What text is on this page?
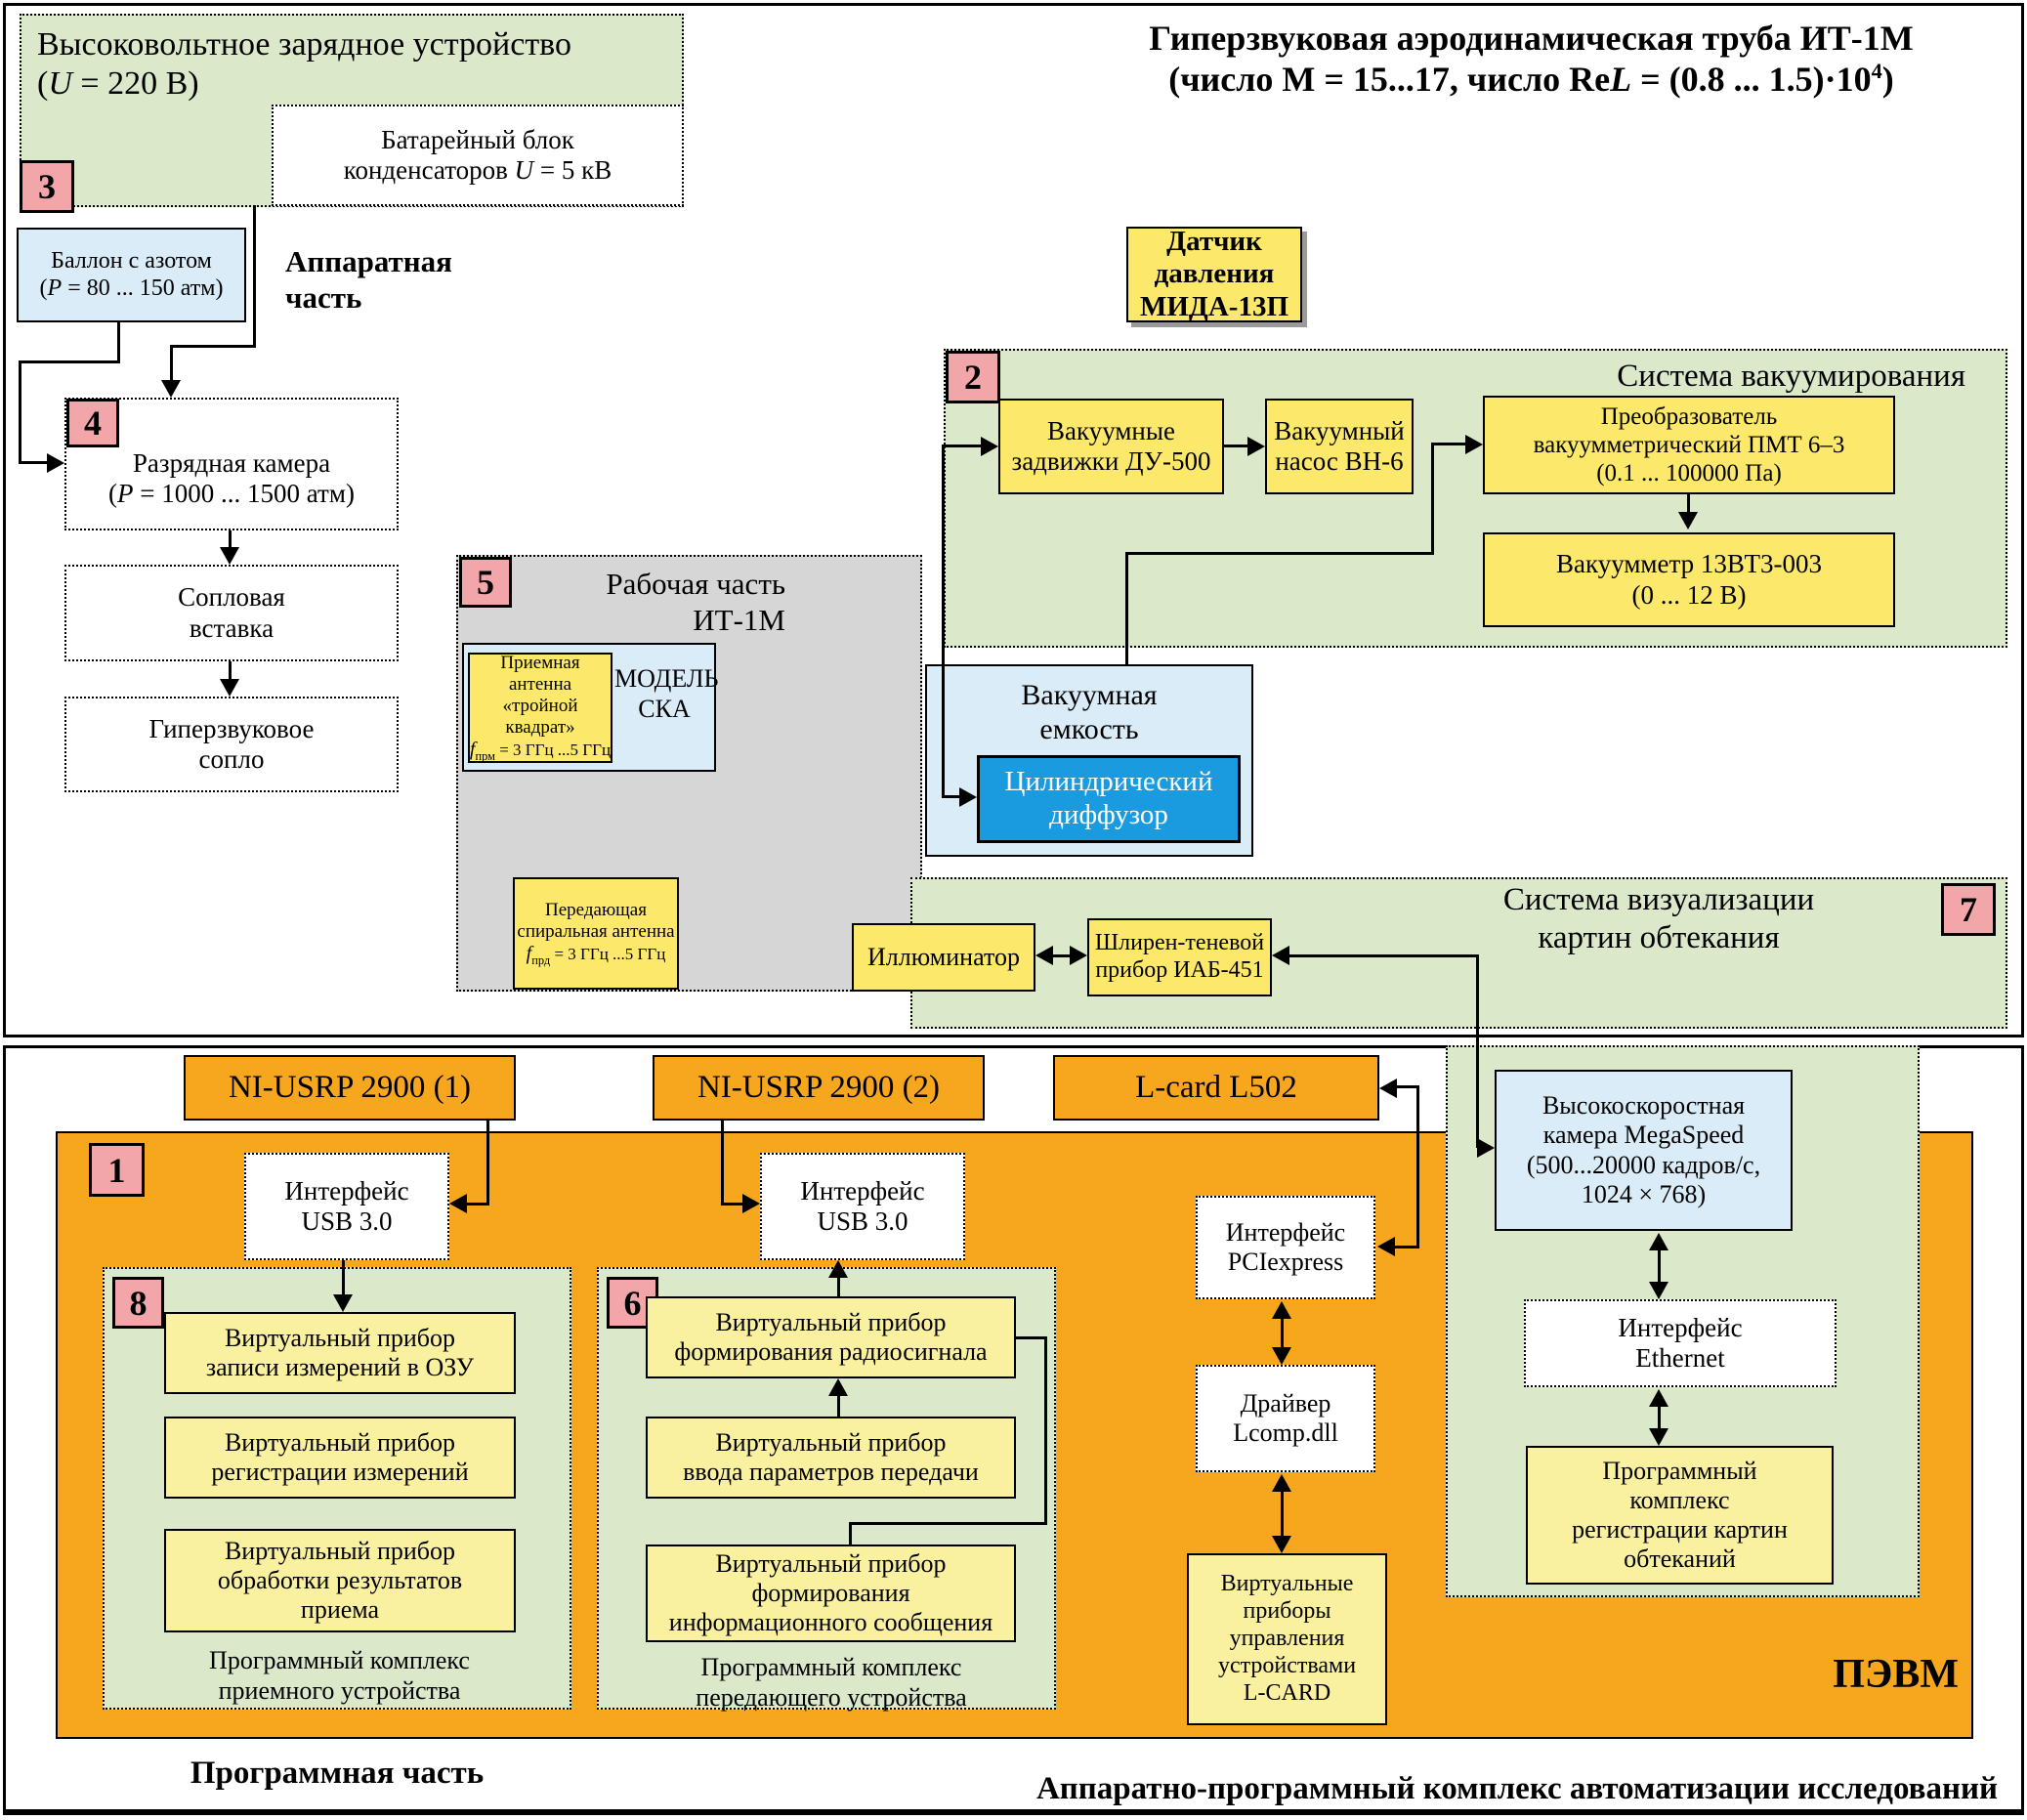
Высоковольтное зарядное устройство
(U = 220 В)
Батарейный блок
конденсаторов U = 5 кВ
3
Баллон с азотом
(P = 80 ... 150 атм)
Аппаратная часть
Разрядная камера
(P = 1000 ... 1500 атм)
4
Сопловая
вставка
Гиперзвуковое
сопло
Гиперзвуковая аэродинамическая труба ИТ-1М
(число М = 15...17, число ReL = (0.8 ... $1.5)\cdot 10^4$)
Датчик давления
МИДА-13П
2	Система вакуумирования
Вакуумные
задвижки ДУ-500
Вакуумный
насос ВН-6
Преобразователь
вакуумметрический ПМТ 6–3
(0.1 ... 100000 Па)
Вакуумметр 13ВТ3-003
(0 ... 12 В)
5	Рабочая часть
ИТ-1М
Приемная антенна
«тройной квадрат»
$f_{прм} = 3$ ГГц ...5 ГГц
МОДЕЛЬ
СКА
Передающая
спиральная антенна
$f_{прд} = 3$ ГГц ...5 ГГц
Вакуумная
емкость
Цилиндрический
диффузор
Система визуализации
картин обтекания
7
Иллюминатор	Шлирен-теневой
прибор ИАБ-451
NI-USRP 2900 (1)	NI-USRP 2900 (2)	L-card L502
1
ПЭВМ
Высокоскоростная
камера MegaSpeed
(500...20000 кадров/с,
1024 × 768)
Интерфейс
Ethernet
Программный
комплекс
регистрации картин
обтеканий
Интерфейс
USB 3.0
Интерфейс
USB 3.0
8
Виртуальный прибор
записи измерений в ОЗУ
Виртуальный прибор
регистрации измерений
Виртуальный прибор
обработки результатов
приема
Программный комплекс
приемного устройства
6	Виртуальный прибор
формирования радиосигнала
Виртуальный прибор
ввода параметров передачи
Виртуальный прибор
формирования
информационного сообщения
Программный комплекс
передающего устройства
Интерфейс
PCIexpress
Драйвер
Lcomp.dll
Виртуальные
приборы
управления
устройствами
L-CARD
Программная часть	Аппаратно-программный комплекс автоматизации исследований
